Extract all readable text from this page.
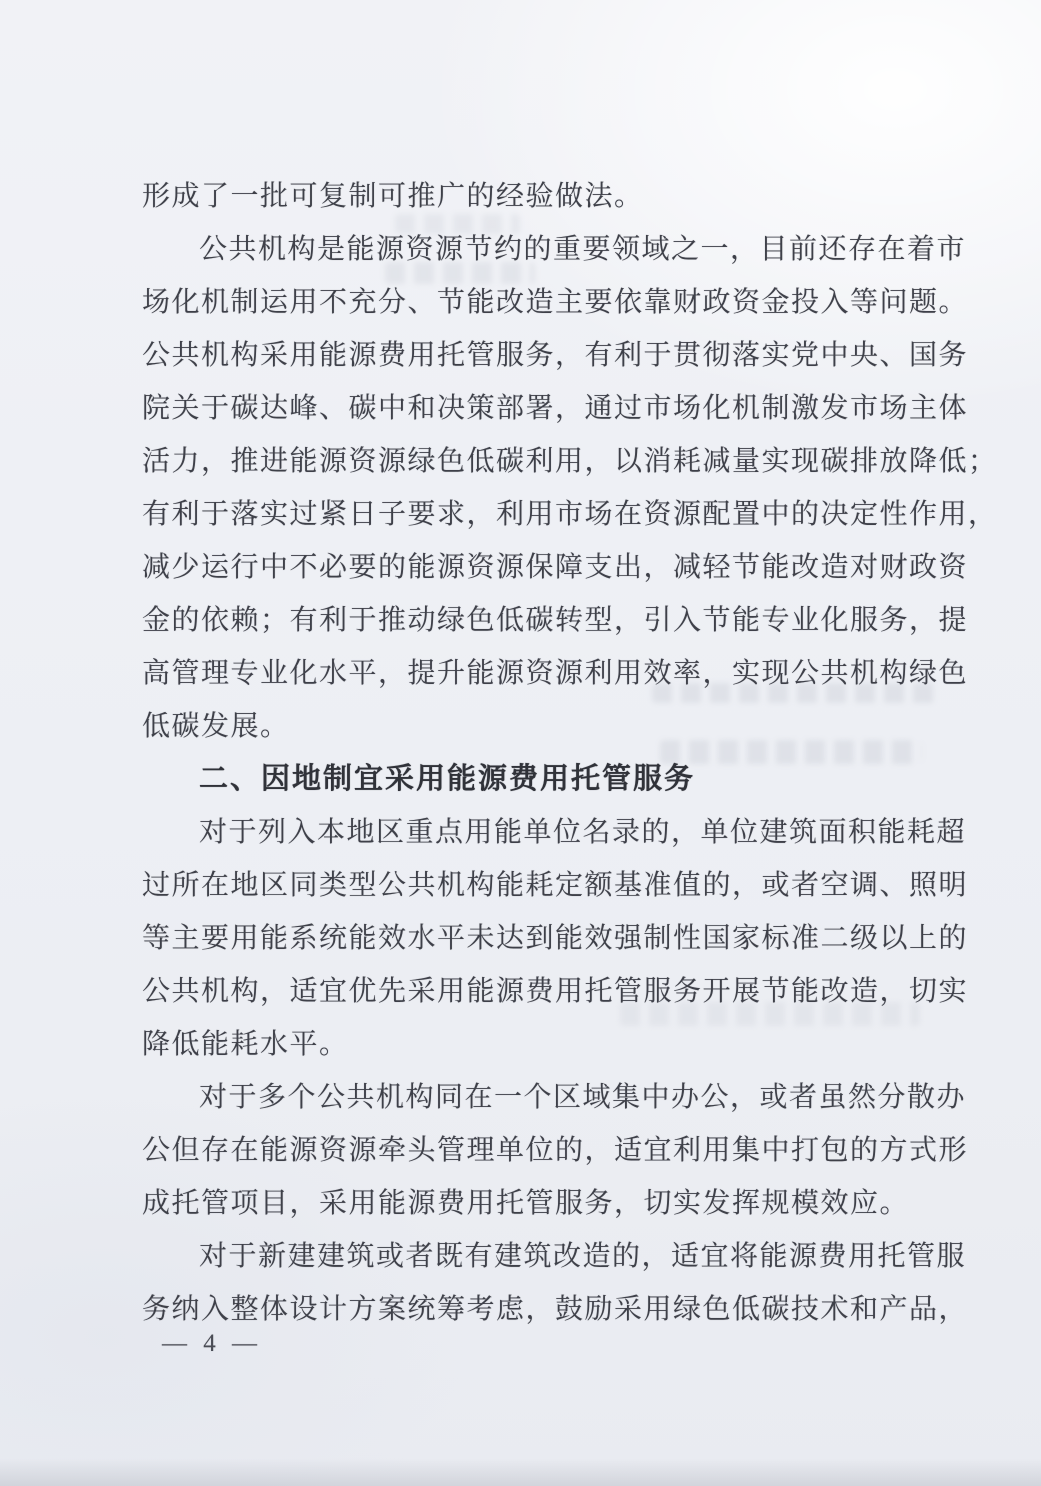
形成了一批可复制可推广的经验做法。
公共机构是能源资源节约的重要领域之一，目前还存在着市
场化机制运用不充分、节能改造主要依靠财政资金投入等问题。
公共机构采用能源费用托管服务，有利于贯彻落实党中央、国务
院关于碳达峰、碳中和决策部署，通过市场化机制激发市场主体
活力，推进能源资源绿色低碳利用，以消耗减量实现碳排放降低；
有利于落实过紧日子要求，利用市场在资源配置中的决定性作用，
减少运行中不必要的能源资源保障支出，减轻节能改造对财政资
金的依赖；有利于推动绿色低碳转型，引入节能专业化服务，提
高管理专业化水平，提升能源资源利用效率，实现公共机构绿色
低碳发展。
二、因地制宜采用能源费用托管服务
对于列入本地区重点用能单位名录的，单位建筑面积能耗超
过所在地区同类型公共机构能耗定额基准值的，或者空调、照明
等主要用能系统能效水平未达到能效强制性国家标准二级以上的
公共机构，适宜优先采用能源费用托管服务开展节能改造，切实
降低能耗水平。
对于多个公共机构同在一个区域集中办公，或者虽然分散办
公但存在能源资源牵头管理单位的，适宜利用集中打包的方式形
成托管项目，采用能源费用托管服务，切实发挥规模效应。
对于新建建筑或者既有建筑改造的，适宜将能源费用托管服
务纳入整体设计方案统筹考虑，鼓励采用绿色低碳技术和产品，
— 4 —
